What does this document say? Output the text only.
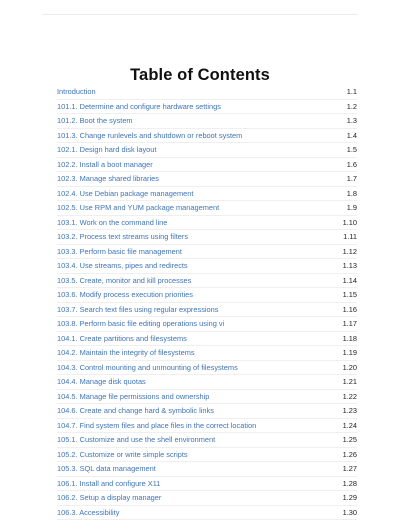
Table of Contents
Introduction	1.1
101.1. Determine and configure hardware settings	1.2
101.2. Boot the system	1.3
101.3. Change runlevels and shutdown or reboot system	1.4
102.1. Design hard disk layout	1.5
102.2. Install a boot manager	1.6
102.3. Manage shared libraries	1.7
102.4. Use Debian package management	1.8
102.5. Use RPM and YUM package management	1.9
103.1. Work on the command line	1.10
103.2. Process text streams using filters	1.11
103.3. Perform basic file management	1.12
103.4. Use streams, pipes and redirects	1.13
103.5. Create, monitor and kill processes	1.14
103.6. Modify process execution priorities	1.15
103.7. Search text files using regular expressions	1.16
103.8. Perform basic file editing operations using vi	1.17
104.1. Create partitions and filesystems	1.18
104.2. Maintain the integrity of filesystems	1.19
104.3. Control mounting and unmounting of filesystems	1.20
104.4. Manage disk quotas	1.21
104.5. Manage file permissions and ownership	1.22
104.6. Create and change hard & symbolic links	1.23
104.7. Find system files and place files in the correct location	1.24
105.1. Customize and use the shell environment	1.25
105.2. Customize or write simple scripts	1.26
105.3. SQL data management	1.27
106.1. Install and configure X11	1.28
106.2. Setup a display manager	1.29
106.3. Accessibility	1.30
